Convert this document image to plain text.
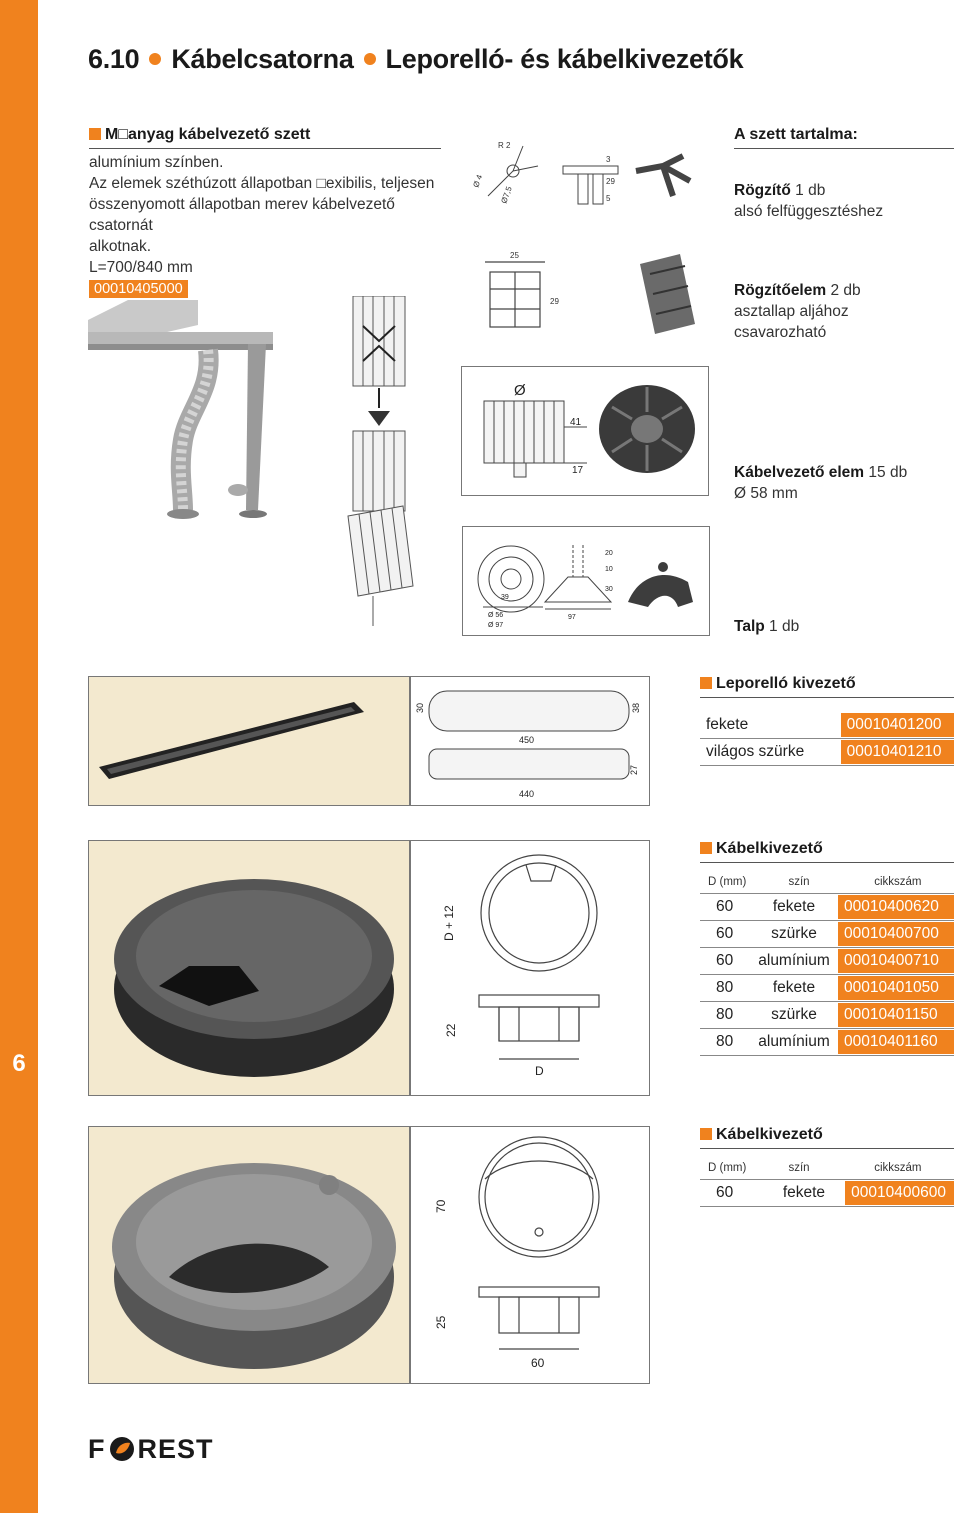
6
6.10 Kábelcsatorna Leporelló- és kábelkivezetők
M□anyag kábelvezető szett
alumínium színben.
Az elemek széthúzott állapotban □exibilis, teljesen
összenyomott állapotban merev kábelvezető csatornát
alkotnak.
L=700/840 mm
00010405000
Ø 4
R 2
Ø7,5
3
29
5
25
29
A szett tartalma:
Rögzítő 1 db
alsó felfüggesztéshez
Rögzítőelem 2 db
asztallap aljához
csavarozható
Ø
41
17	Kábelvezető elem 15 db
Ø 58 mm
39
Ø 56
Ø 97
20
10
30
97
Talp 1 db
30	38
450
27
440
Leporelló kivezető
fekete	00010401200
világos szürke	00010401210
D + 12
22
D
Kábelkivezető
D (mm)	szín	cikkszám
60	fekete	00010400620
60	szürke	00010400700
60	alumínium 00010400710
80	fekete	00010401050
80	szürke	00010401150
80	alumínium 00010401160
70
25
60
Kábelkivezető
D (mm)	szín	cikkszám
60	fekete	00010400600
F REST
